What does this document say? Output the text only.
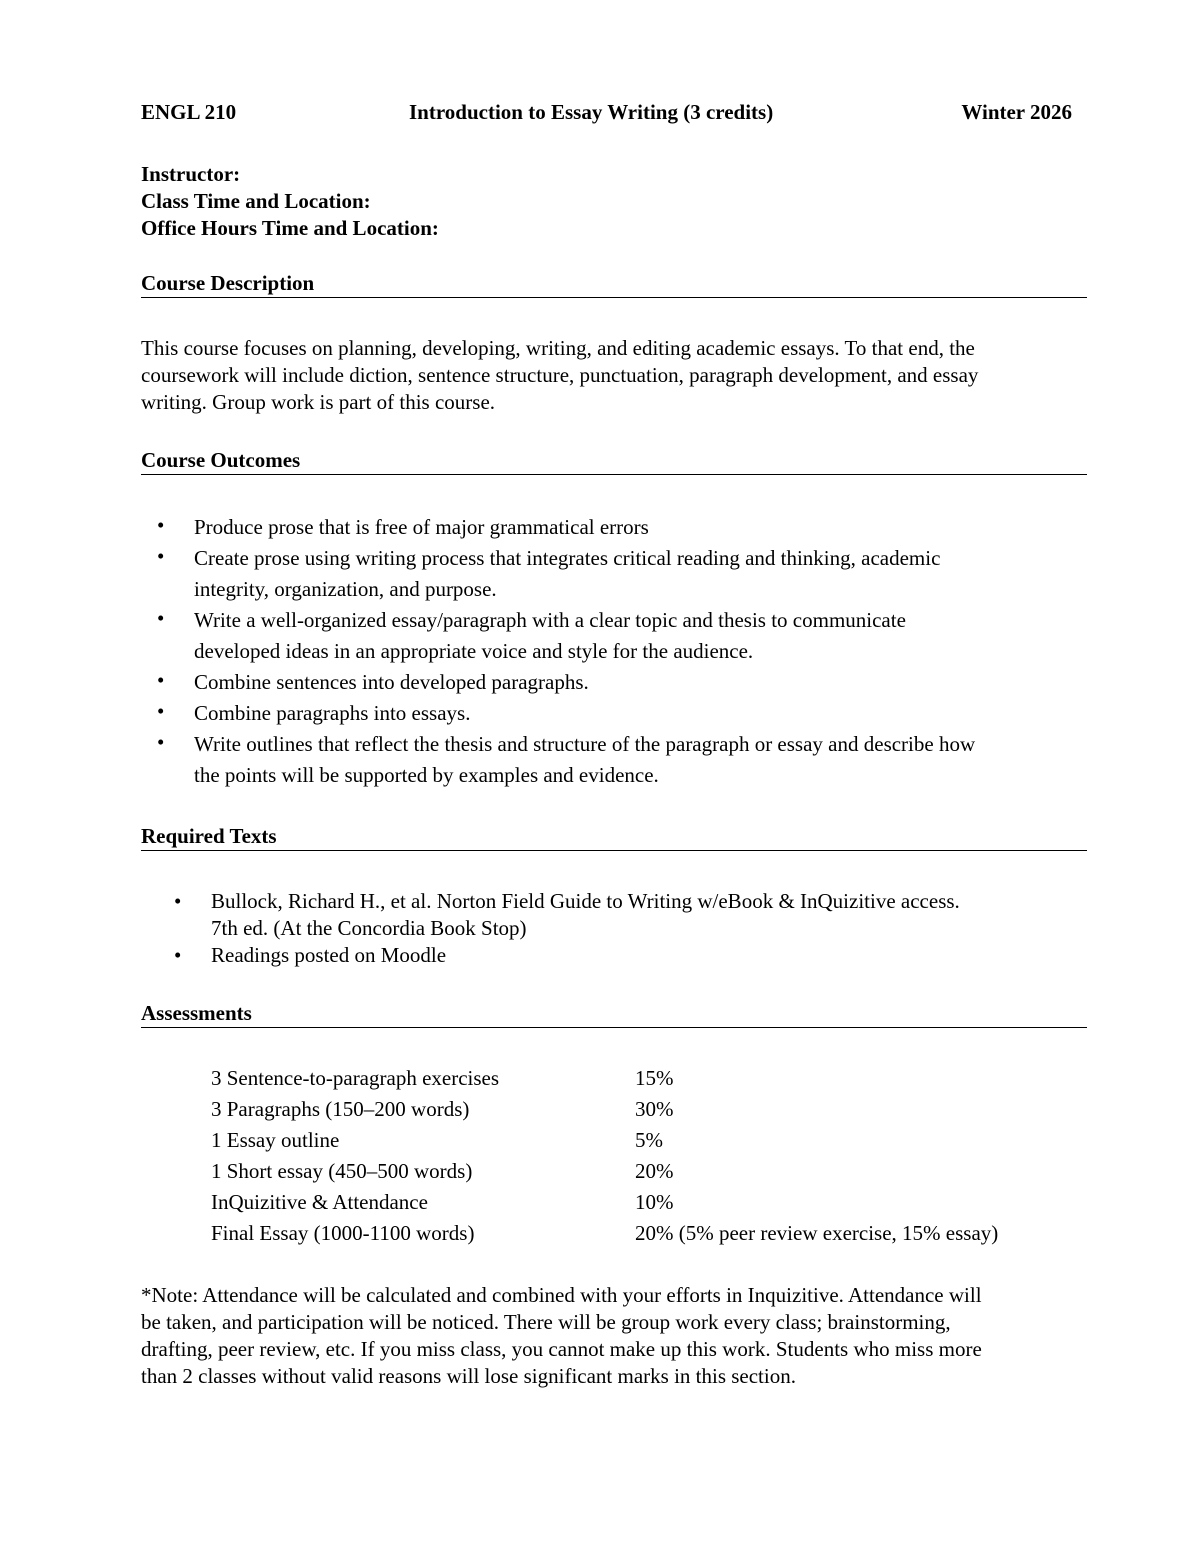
ENGL 210	Introduction to Essay Writing (3 credits)	Winter 2026
Instructor:
Class Time and Location:
Office Hours Time and Location:
Course Description
This course focuses on planning, developing, writing, and editing academic essays. To that end, the
coursework will include diction, sentence structure, punctuation, paragraph development, and essay
writing. Group work is part of this course.
Course Outcomes
• Produce prose that is free of major grammatical errors
• Create prose using writing process that integrates critical reading and thinking, academic
integrity, organization, and purpose.
• Write a well-organized essay/paragraph with a clear topic and thesis to communicate
developed ideas in an appropriate voice and style for the audience.
• Combine sentences into developed paragraphs.
• Combine paragraphs into essays.
• Write outlines that reflect the thesis and structure of the paragraph or essay and describe how
the points will be supported by examples and evidence.
Required Texts
• Bullock, Richard H., et al. Norton Field Guide to Writing w/eBook & InQuizitive access.
7th ed. (At the Concordia Book Stop)
• Readings posted on Moodle
Assessments
3 Sentence-to-paragraph exercises	15%
3 Paragraphs (150–200 words)	30%
1 Essay outline	5%
1 Short essay (450–500 words)	20%
InQuizitive & Attendance	10%
Final Essay (1000-1100 words)	20% (5% peer review exercise, 15% essay)
*Note: Attendance will be calculated and combined with your efforts in Inquizitive. Attendance will
be taken, and participation will be noticed. There will be group work every class; brainstorming,
drafting, peer review, etc. If you miss class, you cannot make up this work. Students who miss more
than 2 classes without valid reasons will lose significant marks in this section.
